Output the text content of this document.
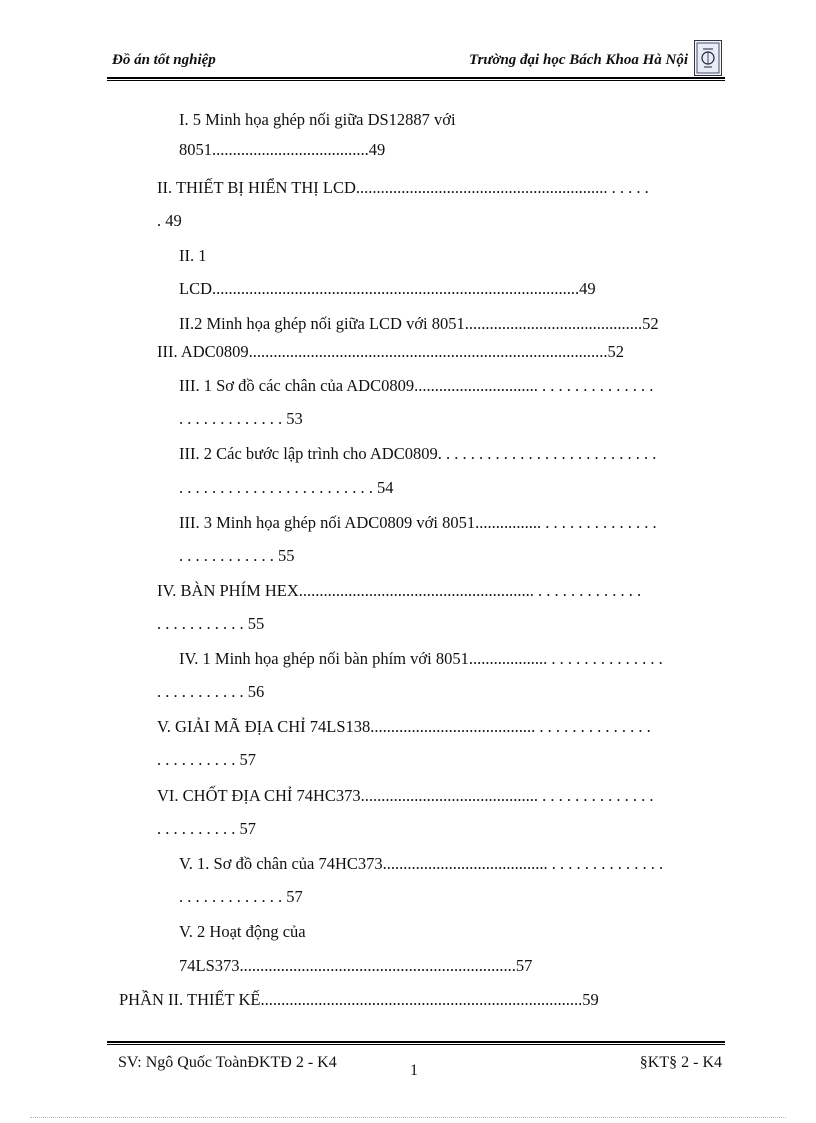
Đồ án tốt nghiệp	Trường đại học Bách Khoa Hà Nội
I. 5 Minh họa ghép nối giữa DS12887 với
8051......................................49
II. THIẾT BỊ HIỂN THỊ LCD............................................................. . . . . .
. 49
II. 1
LCD.........................................................................................49
II.2 Minh họa ghép nối giữa LCD với 8051...........................................52
III. ADC0809.......................................................................................52
III. 1 Sơ đồ các chân của ADC0809.............................. . . . . . . . . . . . . . .
. . . . . . . . . . . . . 53
III. 2 Các bước lập trình cho ADC0809. . . . . . . . . . . . . . . . . . . . . . . . . . .
. . . . . . . . . . . . . . . . . . . . . . . . 54
III. 3 Minh họa ghép nối ADC0809 với 8051................ . . . . . . . . . . . . . .
. . . . . . . . . . . . 55
IV. BÀN PHÍM HEX......................................................... . . . . . . . . . . . . .
. . . . . . . . . . . 55
IV. 1 Minh họa ghép nối bàn phím với 8051................... . . . . . . . . . . . . . .
. . . . . . . . . . . 56
V. GIẢI MÃ ĐỊA CHỈ 74LS138........................................ . . . . . . . . . . . . . .
. . . . . . . . . . 57
VI. CHỐT ĐỊA CHỈ 74HC373........................................... . . . . . . . . . . . . . .
. . . . . . . . . . 57
V. 1. Sơ đồ chân của 74HC373........................................ . . . . . . . . . . . . . .
. . . . . . . . . . . . . 57
V. 2 Hoạt động của
74LS373...................................................................57
PHẦN II. THIẾT KẾ..............................................................................59
SV: Ngô Quốc ToànĐKTĐ 2 - K4	1	§KT§ 2 - K4
